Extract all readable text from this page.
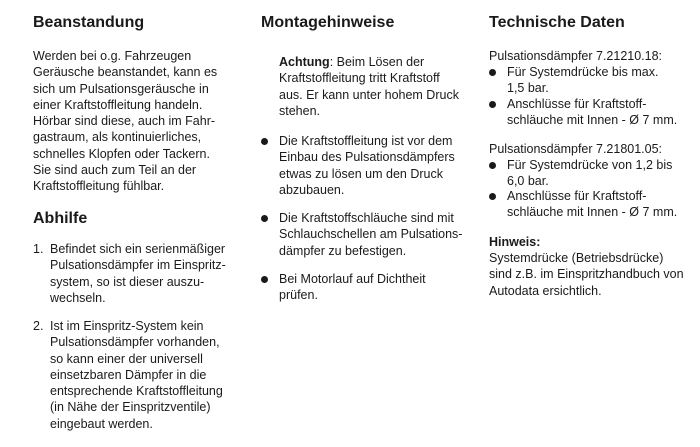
Beanstandung
Werden bei o.g. Fahrzeugen
Geräusche beanstandet, kann es
sich um Pulsationsgeräusche in
einer Kraftstoffleitung handeln.
Hörbar sind diese, auch im Fahr-
gastraum, als kontinuierliches,
schnelles Klopfen oder Tackern.
Sie sind auch zum Teil an der
Kraftstoffleitung fühlbar.
Abhilfe
1. Befindet sich ein serienmäßiger
Pulsationsdämpfer im Einspritz-
system, so ist dieser auszu-
wechseln.
2. Ist im Einspritz-System kein
Pulsationsdämpfer vorhanden,
so kann einer der universell
einsetzbaren Dämpfer in die
entsprechende Kraftstoffleitung
(in Nähe der Einspritzventile)
eingebaut werden.
Montagehinweise
Achtung: Beim Lösen der
Kraftstoffleitung tritt Kraftstoff
aus. Er kann unter hohem Druck
stehen.
Die Kraftstoffleitung ist vor dem
Einbau des Pulsationsdämpfers
etwas zu lösen um den Druck
abzubauen.
Die Kraftstoffschläuche sind mit
Schlauchschellen am Pulsations-
dämpfer zu befestigen.
Bei Motorlauf auf Dichtheit
prüfen.
Technische Daten
Pulsationsdämpfer 7.21210.18:
Für Systemdrücke bis max.
1,5 bar.
Anschlüsse für Kraftstoff-
schläuche mit Innen - Ø 7 mm.
Pulsationsdämpfer 7.21801.05:
Für Systemdrücke von 1,2 bis
6,0 bar.
Anschlüsse für Kraftstoff-
schläuche mit Innen - Ø 7 mm.
Hinweis:
Systemdrücke (Betriebsdrücke)
sind z.B. im Einspritzhandbuch von
Autodata ersichtlich.
